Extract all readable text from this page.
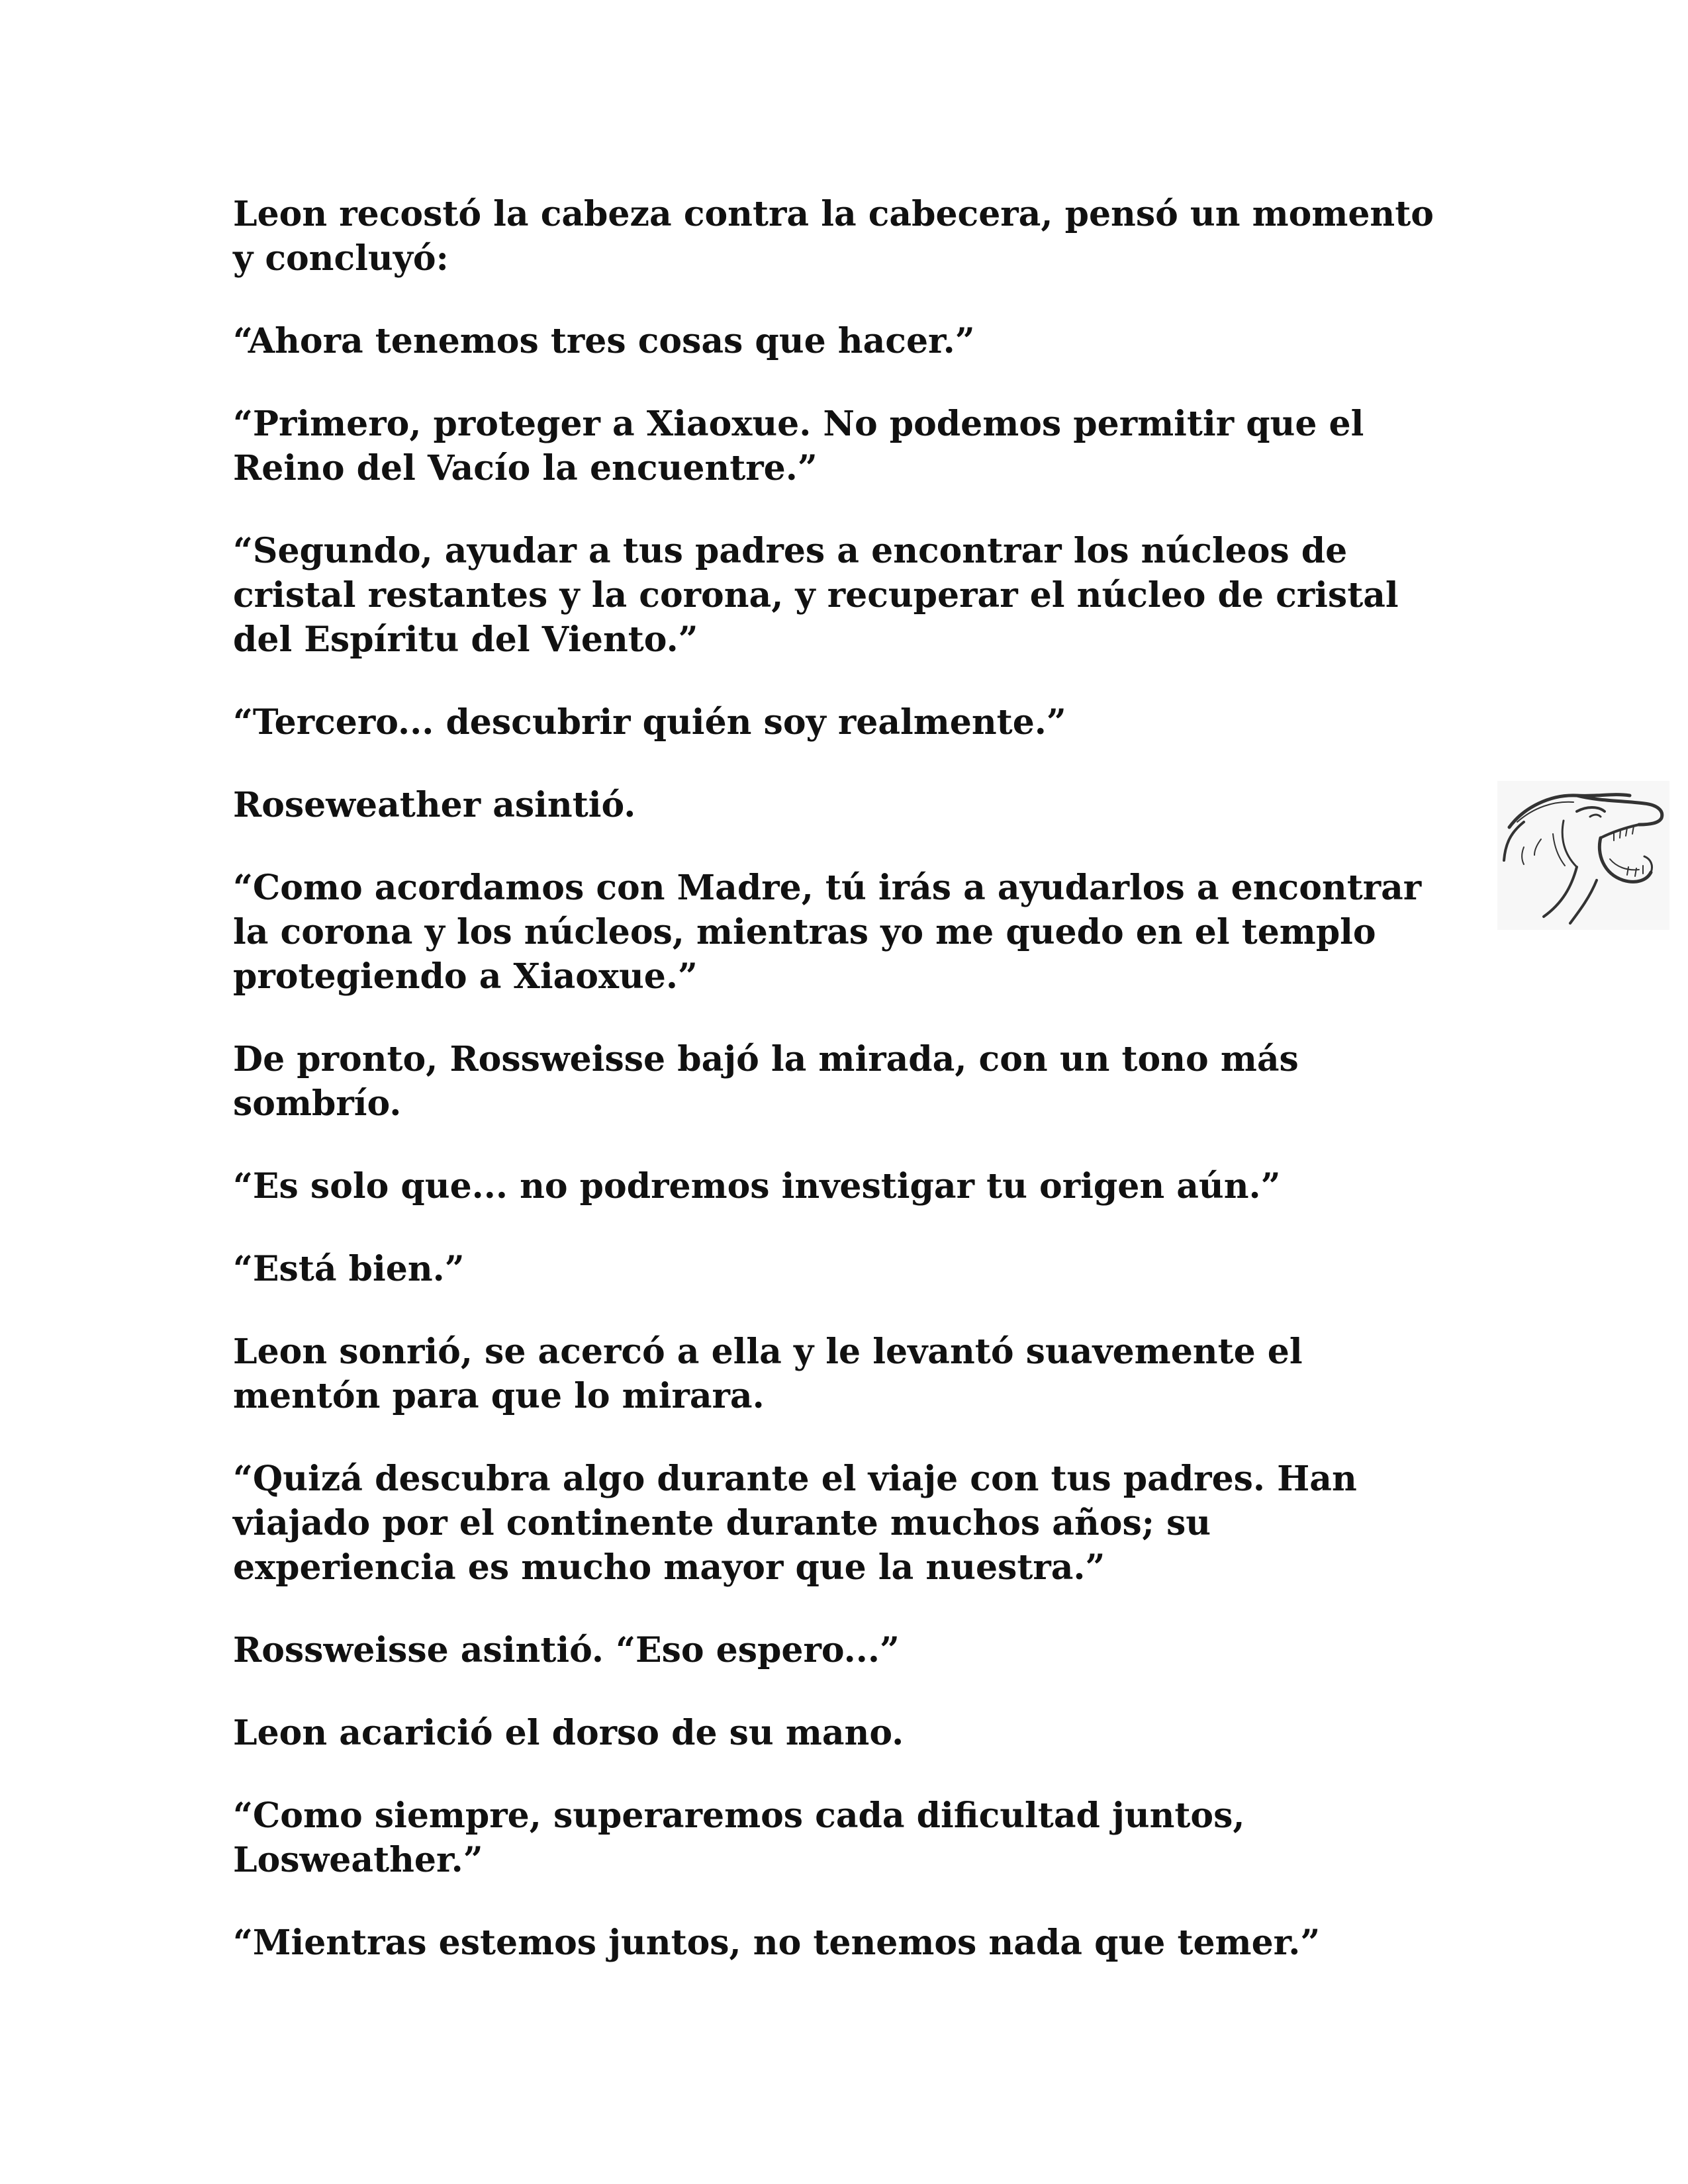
Leon recostó la cabeza contra la cabecera, pensó un momento
y concluyó:

“Ahora tenemos tres cosas que hacer.”

“Primero, proteger a Xiaoxue. No podemos permitir que el
Reino del Vacío la encuentre.”

“Segundo, ayudar a tus padres a encontrar los núcleos de
cristal restantes y la corona, y recuperar el núcleo de cristal
del Espíritu del Viento.”

“Tercero... descubrir quién soy realmente.”

Roseweather asintió.

“Como acordamos con Madre, tú irás a ayudarlos a encontrar
la corona y los núcleos, mientras yo me quedo en el templo
protegiendo a Xiaoxue.”

De pronto, Rossweisse bajó la mirada, con un tono más
sombrío.

“Es solo que... no podremos investigar tu origen aún.”

“Está bien.”

Leon sonrió, se acercó a ella y le levantó suavemente el
mentón para que lo mirara.

“Quizá descubra algo durante el viaje con tus padres. Han
viajado por el continente durante muchos años; su
experiencia es mucho mayor que la nuestra.”

Rossweisse asintió. “Eso espero...”

Leon acarició el dorso de su mano.

“Como siempre, superaremos cada dificultad juntos,
Losweather.”

“Mientras estemos juntos, no tenemos nada que temer.”
